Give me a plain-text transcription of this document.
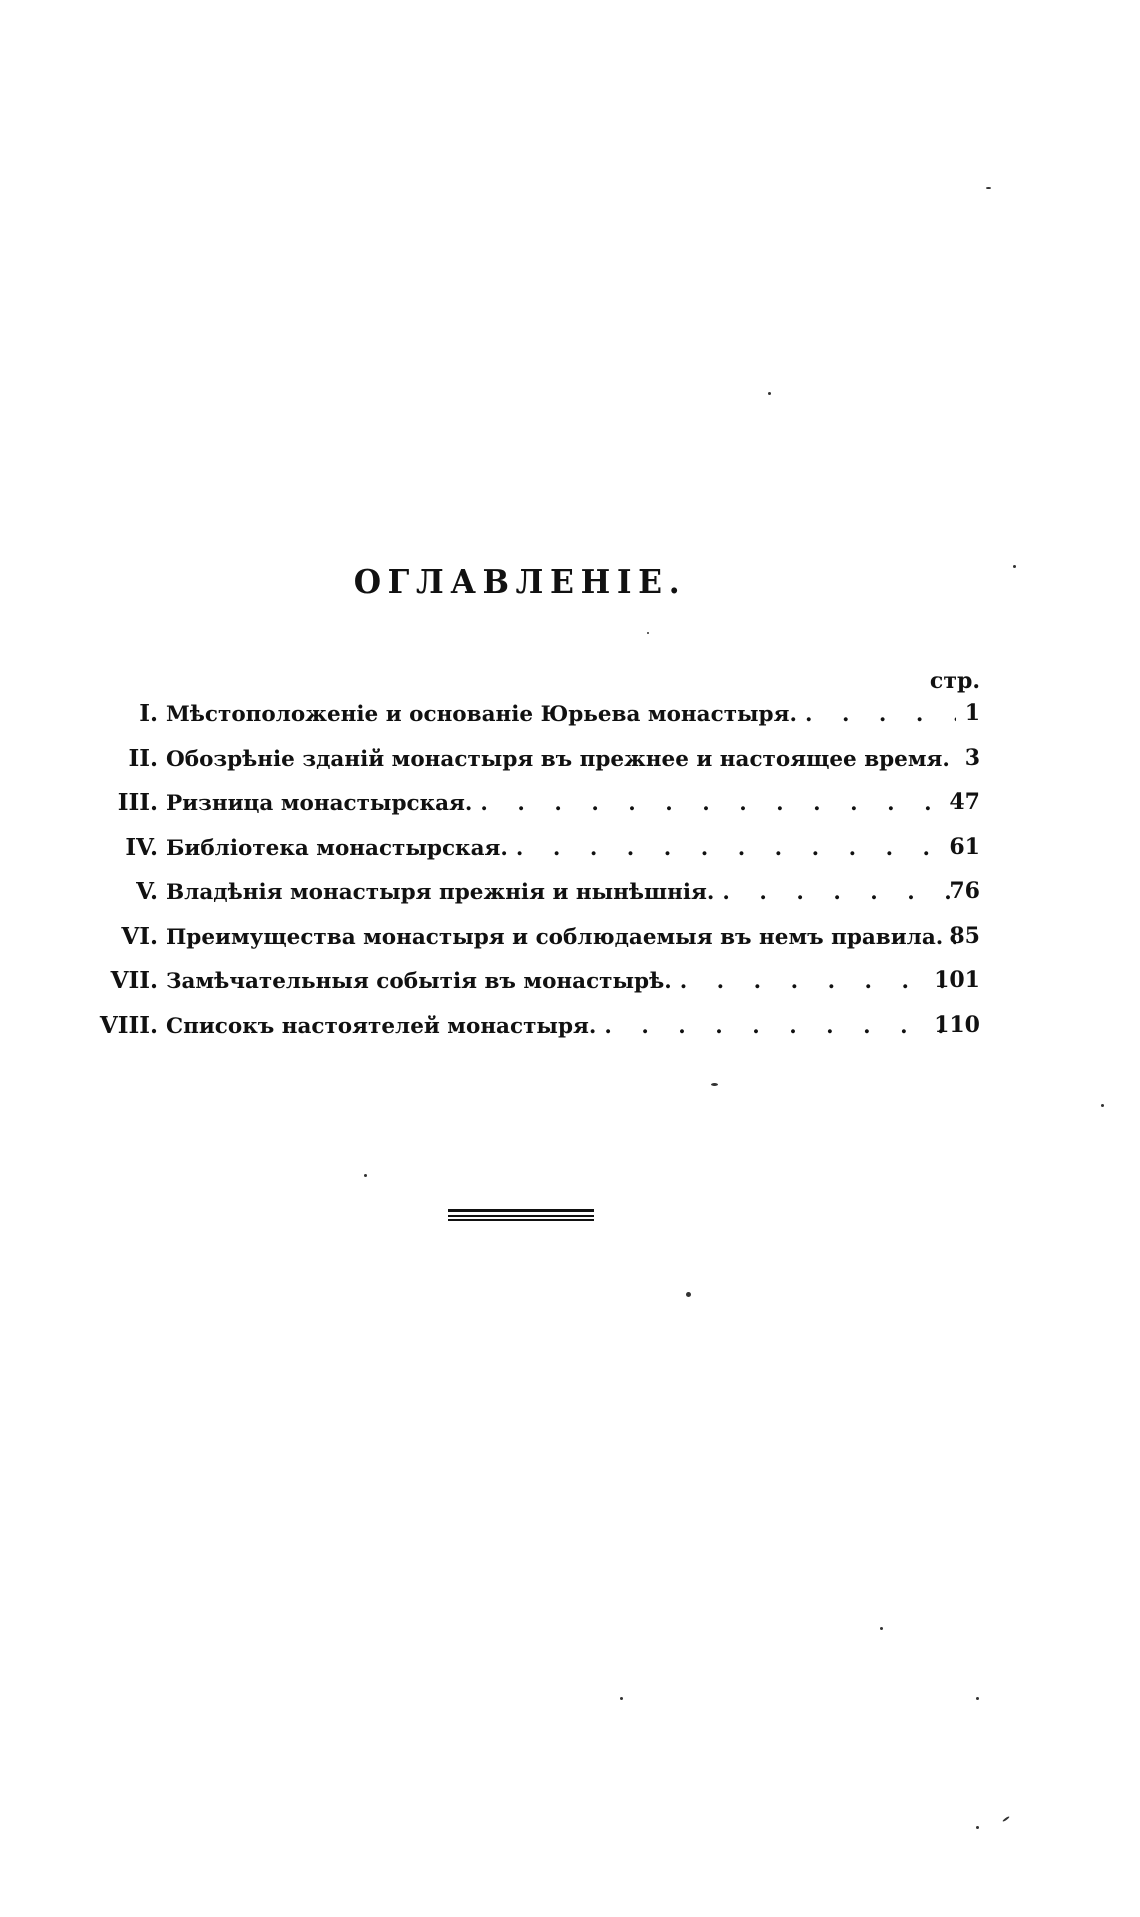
ОГЛАВЛЕНІЕ.
стр.
I. Мѣстоположеніе и основаніе Юрьева монастыря. . . .	1
II. Обозрѣніе зданій монастыря въ прежнее и настоящее время. 3
III. Ризница монастырская. . . .	47
IV. Библіотека монастырская. . . .	61
V. Владѣнія монастыря прежнія и нынѣшнія. . . .	76
VI. Преимущества монастыря и соблюдаемыя въ немъ правила. . . . 85
VII. Замѣчательныя событія въ монастырѣ. . . .	101
VIII. Списокъ настоятелей монастыря. . . .	110
